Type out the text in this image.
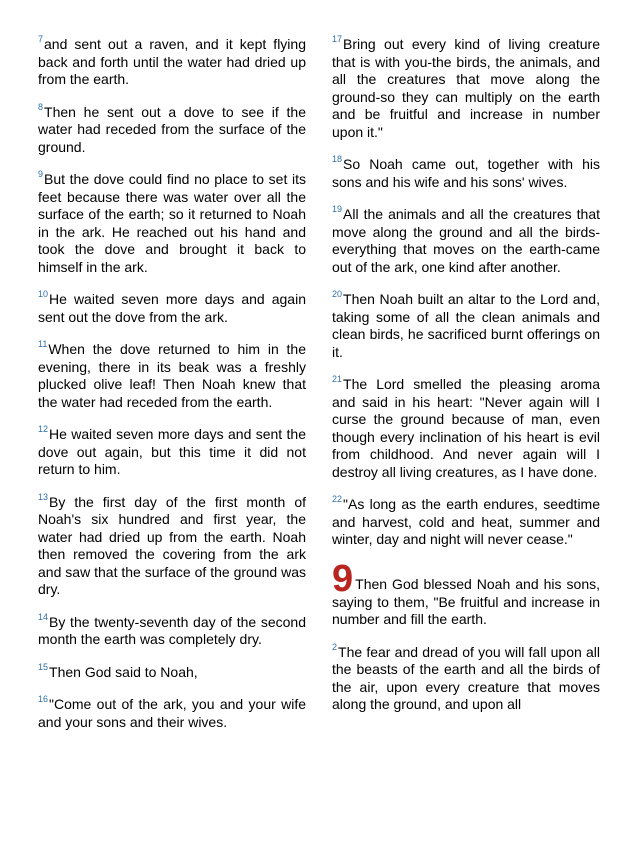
$^7$and sent out a raven, and it kept flying back and forth until the water had dried up from the earth.

$^8$Then he sent out a dove to see if the water had receded from the surface of the ground.

$^9$But the dove could find no place to set its feet because there was water over all the surface of the earth; so it returned to Noah in the ark. He reached out his hand and took the dove and brought it back to himself in the ark.

$^{10}$He waited seven more days and again sent out the dove from the ark.

$^{11}$When the dove returned to him in the evening, there in its beak was a freshly plucked olive leaf! Then Noah knew that the water had receded from the earth.

$^{12}$He waited seven more days and sent the dove out again, but this time it did not return to him.

$^{13}$By the first day of the first month of Noah's six hundred and first year, the water had dried up from the earth. Noah then removed the covering from the ark and saw that the surface of the ground was dry.

$^{14}$By the twenty-seventh day of the second month the earth was completely dry.

$^{15}$Then God said to Noah,

$^{16}$"Come out of the ark, you and your wife and your sons and their wives.

$^{17}$Bring out every kind of living creature that is with you-the birds, the animals, and all the creatures that move along the ground-so they can multiply on the earth and be fruitful and increase in number upon it."

$^{18}$So Noah came out, together with his sons and his wife and his sons' wives.

$^{19}$All the animals and all the creatures that move along the ground and all the birds-everything that moves on the earth-came out of the ark, one kind after another.

$^{20}$Then Noah built an altar to the Lord and, taking some of all the clean animals and clean birds, he sacrificed burnt offerings on it.

$^{21}$The Lord smelled the pleasing aroma and said in his heart: "Never again will I curse the ground because of man, even though every inclination of his heart is evil from childhood. And never again will I destroy all living creatures, as I have done.

$^{22}$"As long as the earth endures, seedtime and harvest, cold and heat, summer and winter, day and night will never cease."

9 Then God blessed Noah and his sons, saying to them, "Be fruitful and increase in number and fill the earth.

$^2$The fear and dread of you will fall upon all the beasts of the earth and all the birds of the air, upon every creature that moves along the ground, and upon all
